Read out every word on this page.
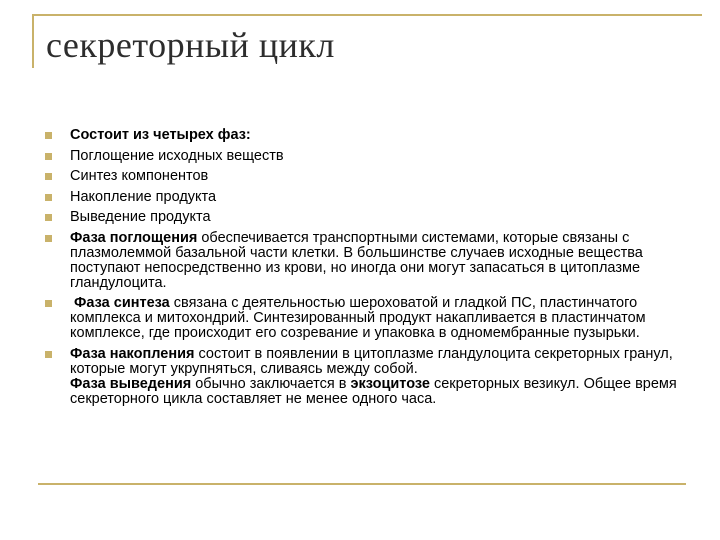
секреторный цикл
Состоит из четырех фаз:
Поглощение исходных веществ
Синтез компонентов
Накопление продукта
Выведение продукта
Фаза поглощения обеспечивается транспортными системами, которые связаны с плазмолеммой базальной части клетки. В большинстве случаев исходные вещества поступают непосредственно из крови, но иногда они могут запасаться в цитоплазме гландулоцита.
Фаза синтеза связана с деятельностью шероховатой и гладкой ПС, пластинчатого комплекса и митохондрий. Синтезированный продукт накапливается в пластинчатом комплексе, где происходит его созревание и упаковка в одномембранные пузырьки.
Фаза накопления состоит в появлении в цитоплазме гландулоцита секреторных гранул, которые могут укрупняться, сливаясь между собой.
Фаза выведения обычно заключается в экзоцитозе секреторных везикул. Общее время секреторного цикла составляет не менее одного часа.
